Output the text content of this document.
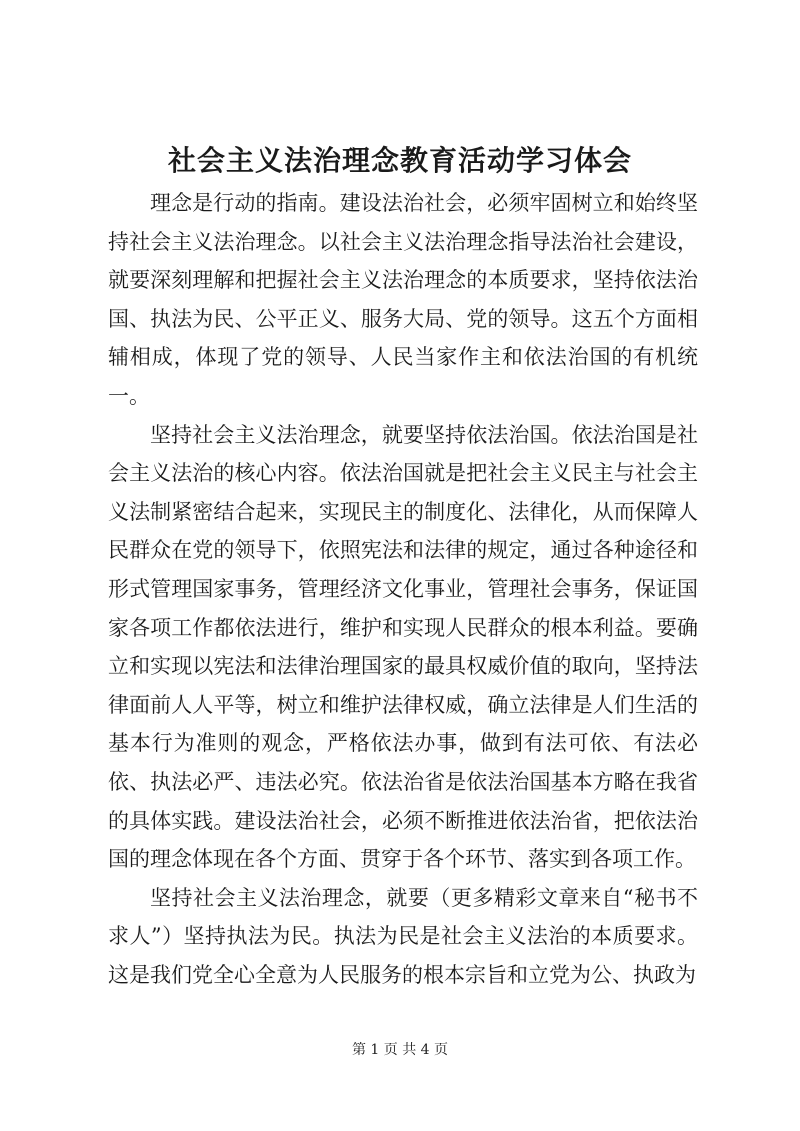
社会主义法治理念教育活动学习体会

理念是行动的指南。建设法治社会，必须牢固树立和始终坚持社会主义法治理念。以社会主义法治理念指导法治社会建设，就要深刻理解和把握社会主义法治理念的本质要求，坚持依法治国、执法为民、公平正义、服务大局、党的领导。这五个方面相辅相成，体现了党的领导、人民当家作主和依法治国的有机统一。

坚持社会主义法治理念，就要坚持依法治国。依法治国是社会主义法治的核心内容。依法治国就是把社会主义民主与社会主义法制紧密结合起来，实现民主的制度化、法律化，从而保障人民群众在党的领导下，依照宪法和法律的规定，通过各种途径和形式管理国家事务，管理经济文化事业，管理社会事务，保证国家各项工作都依法进行，维护和实现人民群众的根本利益。要确立和实现以宪法和法律治理国家的最具权威价值的取向，坚持法律面前人人平等，树立和维护法律权威，确立法律是人们生活的基本行为准则的观念，严格依法办事，做到有法可依、有法必依、执法必严、违法必究。依法治省是依法治国基本方略在我省的具体实践。建设法治社会，必须不断推进依法治省，把依法治国的理念体现在各个方面、贯穿于各个环节、落实到各项工作。

坚持社会主义法治理念，就要（更多精彩文章来自“秘书不求人”）坚持执法为民。执法为民是社会主义法治的本质要求。这是我们党全心全意为人民服务的根本宗旨和立党为公、执政为

第 1 页 共 4 页
